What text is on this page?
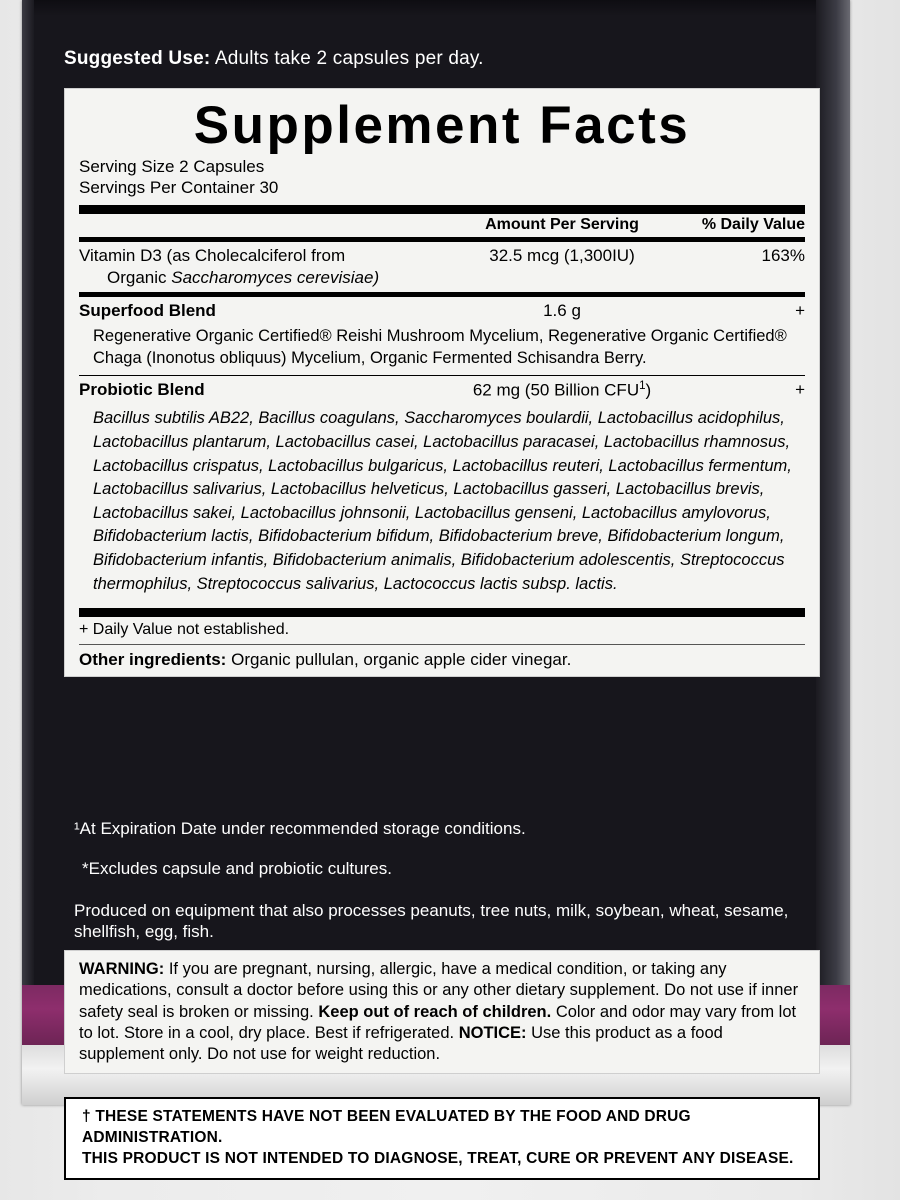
Suggested Use: Adults take 2 capsules per day.
Supplement Facts
Serving Size 2 Capsules
Servings Per Container 30
Amount Per Serving	% Daily Value
Vitamin D3 (as Cholecalciferol from
Organic Saccharomyces cerevisiae)
32.5 mcg (1,300IU)	163%
Superfood Blend	1.6 g	+
Regenerative Organic Certified® Reishi Mushroom Mycelium, Regenerative Organic Certified® Chaga (Inonotus obliquus) Mycelium, Organic Fermented Schisandra Berry.
Probiotic Blend	62 mg (50 Billion $CFU^1$)	+
Bacillus subtilis AB22, Bacillus coagulans, Saccharomyces boulardii, Lactobacillus acidophilus, Lactobacillus plantarum, Lactobacillus casei, Lactobacillus paracasei, Lactobacillus rhamnosus, Lactobacillus crispatus, Lactobacillus bulgaricus, Lactobacillus reuteri, Lactobacillus fermentum, Lactobacillus salivarius, Lactobacillus helveticus, Lactobacillus gasseri, Lactobacillus brevis, Lactobacillus sakei, Lactobacillus johnsonii, Lactobacillus genseni, Lactobacillus amylovorus, Bifidobacterium lactis, Bifidobacterium bifidum, Bifidobacterium breve, Bifidobacterium longum, Bifidobacterium infantis, Bifidobacterium animalis, Bifidobacterium adolescentis, Streptococcus thermophilus, Streptococcus salivarius, Lactococcus lactis subsp. lactis.
+ Daily Value not established.
Other ingredients: Organic pullulan, organic apple cider vinegar.
¹At Expiration Date under recommended storage conditions.
*Excludes capsule and probiotic cultures.
Produced on equipment that also processes peanuts, tree nuts, milk, soybean, wheat, sesame, shellfish, egg, fish.
WARNING: If you are pregnant, nursing, allergic, have a medical condition, or taking any medications, consult a doctor before using this or any other dietary supplement. Do not use if inner safety seal is broken or missing. Keep out of reach of children. Color and odor may vary from lot to lot. Store in a cool, dry place. Best if refrigerated. NOTICE: Use this product as a food supplement only. Do not use for weight reduction.
† THESE STATEMENTS HAVE NOT BEEN EVALUATED BY THE FOOD AND DRUG ADMINISTRATION.
THIS PRODUCT IS NOT INTENDED TO DIAGNOSE, TREAT, CURE OR PREVENT ANY DISEASE.
